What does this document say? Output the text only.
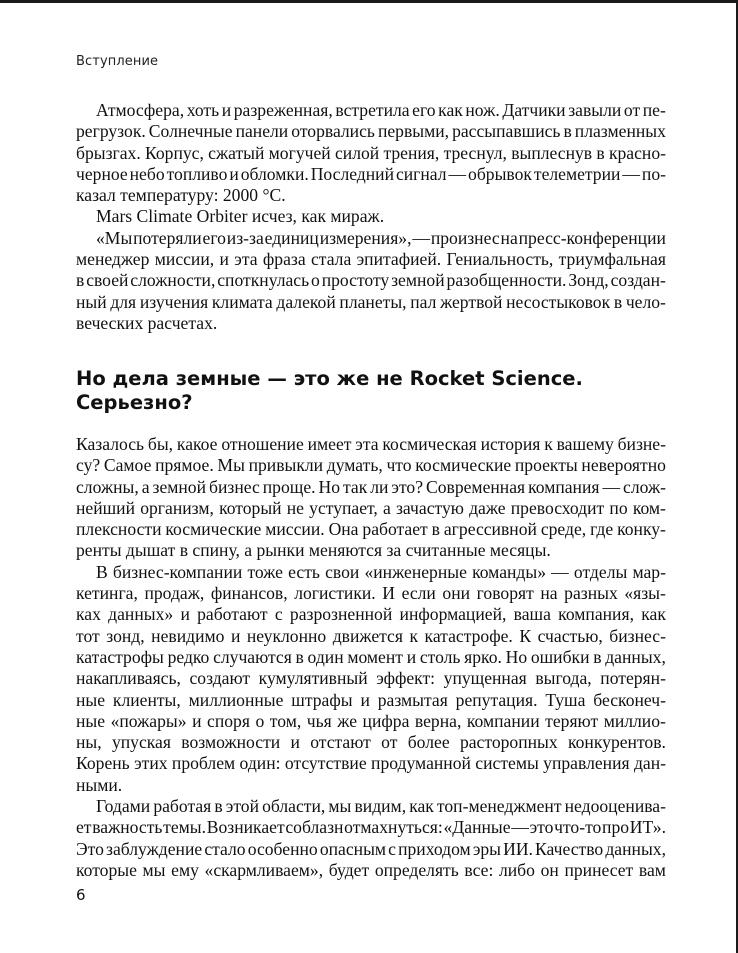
Вступление
Атмосфера, хоть и разреженная, встретила его как нож. Датчики завыли от пе-
регрузок. Солнечные панели оторвались первыми, рассыпавшись в плазменных
брызгах. Корпус, сжатый могучей силой трения, треснул, выплеснув в красно-
черное небо топливо и обломки. Последний сигнал — обрывок телеметрии — по-
казал температуру: 2000 °C.
Mars Climate Orbiter исчез, как мираж.
«Мы потеряли его из-за единиц измерения», — произнес на пресс-конференции
менеджер миссии, и эта фраза стала эпитафией. Гениальность, триумфальная
в своей сложности, споткнулась о простоту земной разобщенности. Зонд, создан-
ный для изучения климата далекой планеты, пал жертвой несостыковок в чело-
веческих расчетах.
Но дела земные — это же не Rocket Science.
Серьезно?
Казалось бы, какое отношение имеет эта космическая история к вашему бизне-
су? Самое прямое. Мы привыкли думать, что космические проекты невероятно
сложны, а земной бизнес проще. Но так ли это? Современная компания — слож-
нейший организм, который не уступает, а зачастую даже превосходит по ком-
плексности космические миссии. Она работает в агрессивной среде, где конку-
ренты дышат в спину, а рынки меняются за считанные месяцы.
В бизнес-компании тоже есть свои «инженерные команды» — отделы мар-
кетинга, продаж, финансов, логистики. И если они говорят на разных «язы-
ках данных» и работают с разрозненной информацией, ваша компания, как
тот зонд, невидимо и неуклонно движется к катастрофе. К счастью, бизнес-
катастрофы редко случаются в один момент и столь ярко. Но ошибки в данных,
накапливаясь, создают кумулятивный эффект: упущенная выгода, потерян-
ные клиенты, миллионные штрафы и размытая репутация. Туша бесконеч-
ные «пожары» и споря о том, чья же цифра верна, компании теряют миллио-
ны, упуская возможности и отстают от более расторопных конкурентов.
Корень этих проблем один: отсутствие продуманной системы управления дан-
ными.
Годами работая в этой области, мы видим, как топ-менеджмент недооценива-
ет важность темы. Возникает соблазн отмахнуться: «Данные — это что-то про ИТ».
Это заблуждение стало особенно опасным с приходом эры ИИ. Качество данных,
которые мы ему «скармливаем», будет определять все: либо он принесет вам
6
